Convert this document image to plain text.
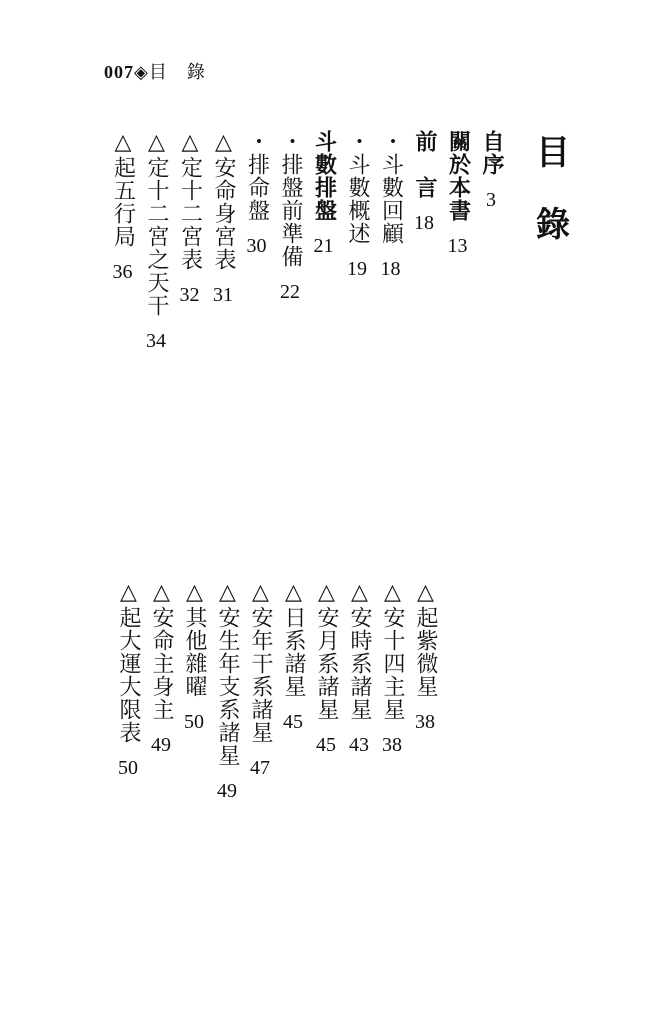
007◈目　錄
目
錄
自序3
關於本書13
前　言18
・斗數回顧18
・斗數概述19
斗數排盤21
・排盤前準備22
・排命盤30
△安命身宮表31
△定十二宮表32
△定十二宮之天干34
△起五行局36
△起紫微星38
△安十四主星38
△安時系諸星43
△安月系諸星45
△日系諸星45
△安年干系諸星47
△安生年支系諸星49
△其他雜曜50
△安命主身主49
△起大運大限表50
